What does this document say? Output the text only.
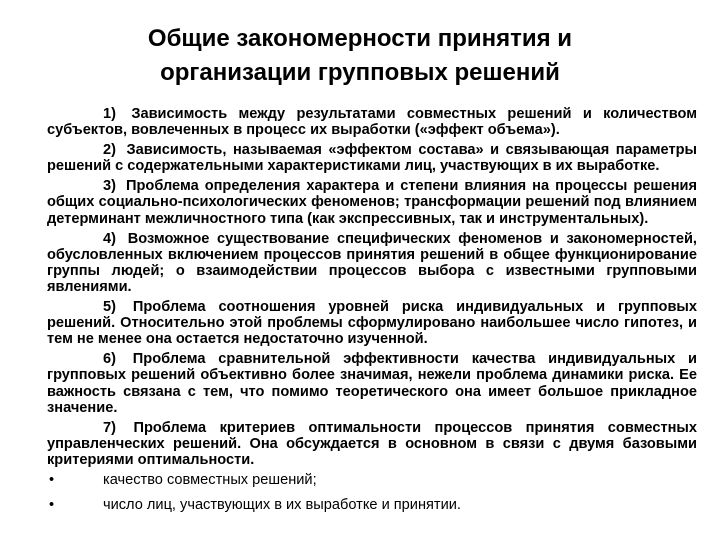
Общие закономерности принятия и
организации групповых решений

1) Зависимость между результатами совместных решений и количеством субъектов, вовлеченных в процесс их выработки («эффект объема»).

2) Зависимость, называемая «эффектом состава» и связывающая параметры решений с содержательными характеристиками лиц, участвующих в их выработке.

3) Проблема определения характера и степени влияния на процессы решения общих социально-психологических феноменов; трансформации решений под влиянием детерминант межличностного типа (как экспрессивных, так и инструментальных).

4) Возможное существование специфических феноменов и закономерностей, обусловленных включением процессов принятия решений в общее функционирование группы людей; о взаимодействии процессов выбора с известными групповыми явлениями.

5) Проблема соотношения уровней риска индивидуальных и групповых решений. Относительно этой проблемы сформулировано наибольшее число гипотез, и тем не менее она остается недостаточно изученной.

6) Проблема сравнительной эффективности качества индивидуальных и групповых решений объективно более значимая, нежели проблема динамики риска. Ее важность связана с тем, что помимо теоретического она имеет большое прикладное значение.

7) Проблема критериев оптимальности процессов принятия совместных управленческих решений. Она обсуждается в основном в связи с двумя базовыми критериями оптимальности.

•	качество совместных решений;
•	число лиц, участвующих в их выработке и принятии.
